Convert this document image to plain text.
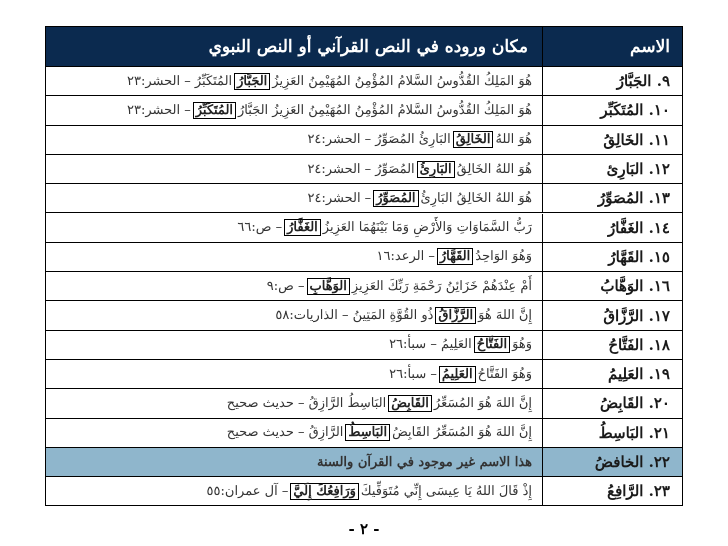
الاسم
مكان وروده في النص القرآني أو النص النبوي
٩. الجَبَّارُ
هُوَ المَلِكُ القُدُّوسُ السَّلامُ المُؤْمِنُ المُهَيْمِنُ العَزِيزُ
الجَبَّارُ
المُتَكَبِّرُ – الحشر:٢٣
١٠. المُتَكَبِّر
هُوَ المَلِكُ القُدُّوسُ السَّلامُ المُؤْمِنُ المُهَيْمِنُ العَزِيزُ الجَبَّارُ
المُتَكَبِّرُ
– الحشر:٢٣
١١. الخَالِقُ
هُوَ اللهُ
الخَالِقُ
البَارِئُ المُصَوِّرُ – الحشر:٢٤
١٢. البَارِئ
هُوَ اللهُ الخَالِقُ
البَارِئُ
المُصَوِّرُ – الحشر:٢٤
١٣. المُصَوِّرُ
هُوَ اللهُ الخَالِقُ البَارِئُ
المُصَوِّرُ
– الحشر:٢٤
١٤. الغَفَّارُ
رَبُّ السَّمَاوَاتِ وَالأَرْضِ وَمَا بَيْنَهُمَا العَزِيزُ
الغَفَّارُ
– ص:٦٦
١٥. القَهَّارُ
وَهُوَ الوَاحِدُ
القَهَّارُ
– الرعد:١٦
١٦. الوَهَّابُ
أَمْ عِنْدَهُمْ خَزَائِنُ رَحْمَةِ رَبِّكَ العَزِيزِ
الوَهَّابِ
– ص:٩
١٧. الرَّزَّاقُ
إِنَّ اللهَ هُوَ
الرَّزَّاقُ
ذُو القُوَّةِ المَتِينُ – الذاريات:٥٨
١٨. الفَتَّاحُ
وَهُوَ
الفَتَّاحُ
العَلِيمُ – سبأ:٢٦
١٩. العَلِيمُ
وَهُوَ الفَتَّاحُ
العَلِيمُ
– سبأ:٢٦
٢٠. القَابِضُ
إِنَّ اللهَ هُوَ المُسَعِّرُ
القَابِضُ
البَاسِطُ الرَّازِقُ – حديث صحيح
٢١. البَاسِطُ
إِنَّ اللهَ هُوَ المُسَعِّرُ القَابِضُ
البَاسِطُ
الرَّازِقُ – حديث صحيح
٢٢. الخافضُ
هذا الاسم غير موجود في القرآن والسنة
٢٣. الرَّافِعُ
إِذْ قَالَ اللهُ يَا عِيسَى إِنِّي مُتَوَفِّيكَ
وَرَافِعُكَ إِلَيَّ
– آل عمران:٥٥
- ٢ -
